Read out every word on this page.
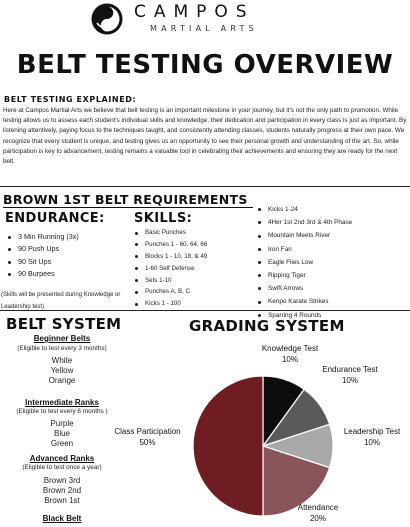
CAMPOS
MARTIAL ARTS
BELT TESTING OVERVIEW
BELT TESTING EXPLAINED:

Here at Campos Martial Arts we believe that belt testing is an important milestone in your journey, but it's not the only path to promotion. While testing allows us to assess each student's individual skills and knowledge, their dedication and participation in every class is just as important. By listening attentively, paying focus to the techniques taught, and consistently attending classes, students naturally progress at their own pace. We recognize that every student is unique, and testing gives us an opportunity to see their personal growth and understanding of the art. So, while participation is key to advancement, testing remains a valuable tool in celebrating their achievements and ensuring they are ready for the next belt.

BROWN 1ST BELT REQUIREMENTS
ENDURANCE:
3 Min Running (3x)
90 Push Ups
90 Sit Ups
90 Burpees
(Skills will be presented during Knowledge or Leadership test)
SKILLS:
Basic Punches
Punches 1 - 60, 64, 66
Blocks 1 - 10, 18, & 49
1-60 Self Defense
Sets 1-10
Punches A, B, C
Kicks 1 - 100
Kicks 1-24
4Her 1st 2nd 3rd & 4th Phase
Mountain Meets River
Iron Fan
Eagle Flies Low
Ripping Tiger
Swift Arrows
Kenpo Karate Strikes
Sparring 4 Rounds
BELT SYSTEM
Beginner Belts
(Eligible to test every 3 months)
White
Yellow
Orange
Intermediate Ranks
(Eligible to test every 6 months )
Purple
Blue
Green
Advanced Ranks
(Eligible to test once a year)
Brown 3rd
Brown 2nd
Brown 1st
Black Belt
GRADING SYSTEM
Knowledge Test
10%
Endurance Test
10%
Leadership Test
10%
Attendance
20%
Class Participation
50%
